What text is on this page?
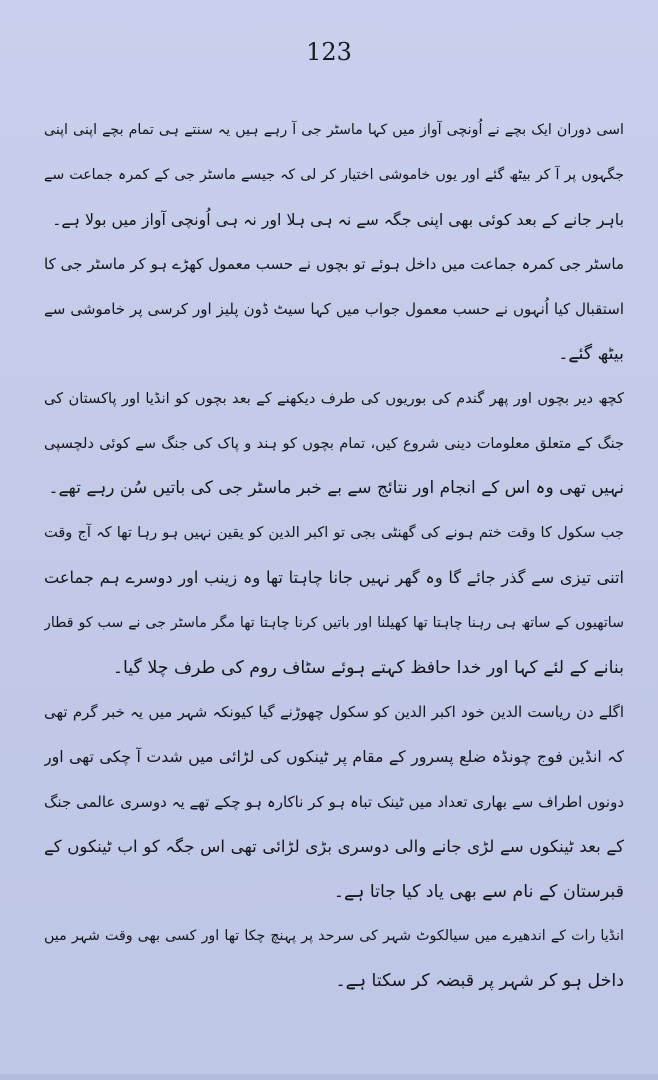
123
اسی دوران ایک بچے نے اُونچی آواز میں کہا ماسٹر جی آ رہے ہیں یہ سنتے ہی تمام بچے اپنی اپنی
جگہوں پر آ کر بیٹھ گئے اور یوں خاموشی اختیار کر لی کہ جیسے ماسٹر جی کے کمرہ جماعت سے
باہر جانے کے بعد کوئی بھی اپنی جگہ سے نہ ہی ہلا اور نہ ہی اُونچی آواز میں بولا ہے۔
ماسٹر جی کمرہ جماعت میں داخل ہوئے تو بچوں نے حسب معمول کھڑے ہو کر ماسٹر جی کا
استقبال کیا اُنہوں نے حسب معمول جواب میں کہا سیٹ ڈون پلیز اور کرسی پر خاموشی سے
بیٹھ گئے۔
کچھ دیر بچوں اور پھر گندم کی بوریوں کی طرف دیکھنے کے بعد بچوں کو انڈیا اور پاکستان کی
جنگ کے متعلق معلومات دینی شروع کیں، تمام بچوں کو ہند و پاک کی جنگ سے کوئی دلچسپی
نہیں تھی وہ اس کے انجام اور نتائج سے بے خبر ماسٹر جی کی باتیں سُن رہے تھے۔
جب سکول کا وقت ختم ہونے کی گھنٹی بجی تو اکبر الدین کو یقین نہیں ہو رہا تھا کہ آج وقت
اتنی تیزی سے گذر جائے گا وہ گھر نہیں جانا چاہتا تھا وہ زینب اور دوسرے ہم جماعت
ساتھیوں کے ساتھ ہی رہنا چاہتا تھا کھیلنا اور باتیں کرنا چاہتا تھا مگر ماسٹر جی نے سب کو قطار
بنانے کے لئے کہا اور خدا حافظ کہتے ہوئے سٹاف روم کی طرف چلا گیا۔
اگلے دن ریاست الدین خود اکبر الدین کو سکول چھوڑنے گیا کیونکہ شہر میں یہ خبر گرم تھی
کہ انڈین فوج چونڈہ ضلع پسرور کے مقام پر ٹینکوں کی لڑائی میں شدت آ چکی تھی اور
دونوں اطراف سے بھاری تعداد میں ٹینک تباہ ہو کر ناکارہ ہو چکے تھے یہ دوسری عالمی جنگ
کے بعد ٹینکوں سے لڑی جانے والی دوسری بڑی لڑائی تھی اس جگہ کو اب ٹینکوں کے
قبرستان کے نام سے بھی یاد کیا جاتا ہے۔
انڈیا رات کے اندھیرے میں سیالکوٹ شہر کی سرحد پر پہنچ چکا تھا اور کسی بھی وقت شہر میں
داخل ہو کر شہر پر قبضہ کر سکتا ہے۔
